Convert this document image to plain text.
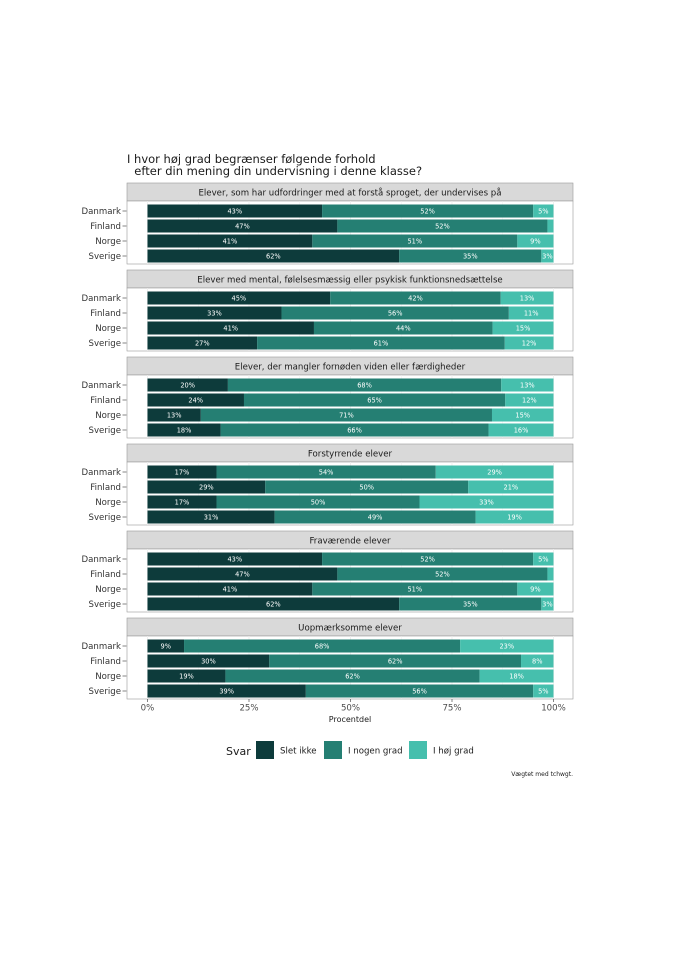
I hvor høj grad begrænser følgende forhold
efter din mening din undervisning i denne klasse?
Elever, som har udfordringer med at forstå sproget, der undervises på
Danmark	43%	52%	5%
Finland	47%	52%
Norge	41%	51%	9%
Sverige	62%	35%	3%
Elever med mental, følelsesmæssig eller psykisk funktionsnedsættelse
Danmark	45%	42%	13%
Finland	33%	56%	11%
Norge	41%	44%	15%
Sverige	27%	61%	12%
Elever, der mangler fornøden viden eller færdigheder
Danmark	20%	68%	13%
Finland	24%	65%	12%
Norge	13%	71%	15%
Sverige	18%	66%	16%
Forstyrrende elever
Danmark	17%	54%	29%
Finland	29%	50%	21%
Norge	17%	50%	33%
Sverige	31%	49%	19%
Fraværende elever
Danmark	43%	52%	5%
Finland	47%	52%
Norge	41%	51%	9%
Sverige	62%	35%	3%
Uopmærksomme elever
Danmark	9%	68%	23%
Finland	30%	62%	8%
Norge	19%	62%	18%
Sverige	39%	56%	5%
0%	25%	50%	75%	100%
Procentdel
Svar	Slet ikke	I nogen grad	I høj grad
Vægtet med tchwgt.
